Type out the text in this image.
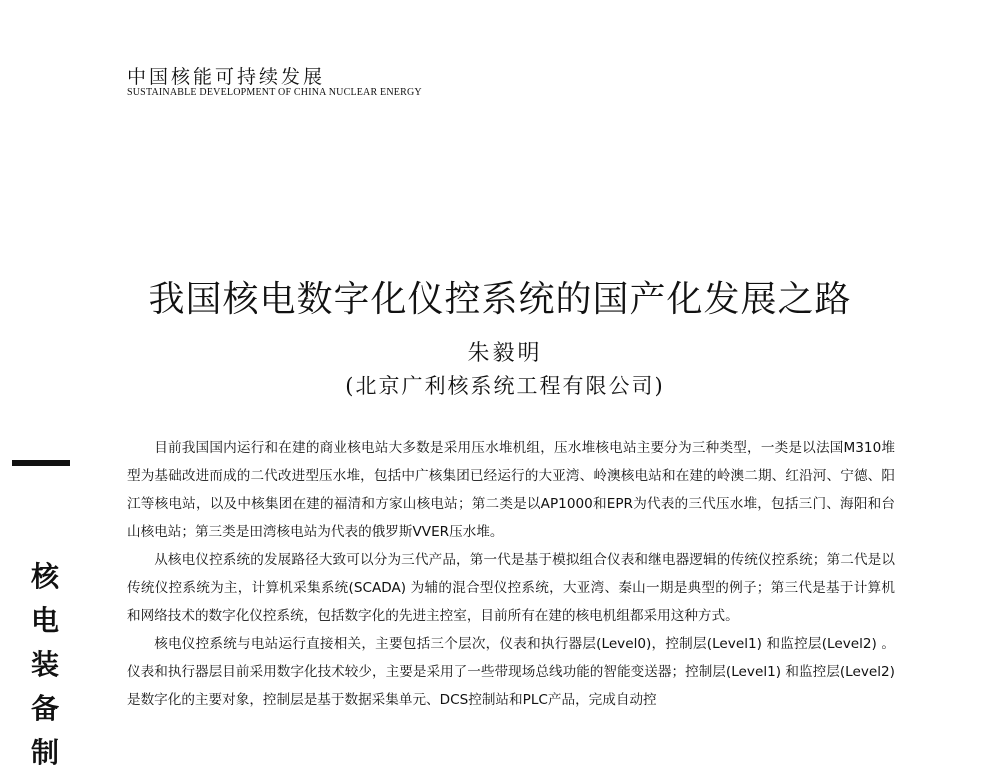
中国核能可持续发展
SUSTAINABLE DEVELOPMENT OF CHINA NUCLEAR ENERGY
我国核电数字化仪控系统的国产化发展之路
朱毅明
(北京广利核系统工程有限公司)
核
电
装
备
制

目前我国国内运行和在建的商业核电站大多数是采用压水堆机组，压水堆核电站主要分为三种类型，一类是以法国M310堆型为基础改进而成的二代改进型压水堆，包括中广核集团已经运行的大亚湾、岭澳核电站和在建的岭澳二期、红沿河、宁德、阳江等核电站，以及中核集团在建的福清和方家山核电站；第二类是以AP1000和EPR为代表的三代压水堆，包括三门、海阳和台山核电站；第三类是田湾核电站为代表的俄罗斯VVER压水堆。

从核电仪控系统的发展路径大致可以分为三代产品，第一代是基于模拟组合仪表和继电器逻辑的传统仪控系统；第二代是以传统仪控系统为主，计算机采集系统(SCADA) 为辅的混合型仪控系统，大亚湾、秦山一期是典型的例子；第三代是基于计算机和网络技术的数字化仪控系统，包括数字化的先进主控室，目前所有在建的核电机组都采用这种方式。

核电仪控系统与电站运行直接相关，主要包括三个层次，仪表和执行器层(Level0)，控制层(Level1) 和监控层(Level2) 。仪表和执行器层目前采用数字化技术较少，主要是采用了一些带现场总线功能的智能变送器；控制层(Level1) 和监控层(Level2) 是数字化的主要对象，控制层是基于数据采集单元、DCS控制站和PLC产品，完成自动控
